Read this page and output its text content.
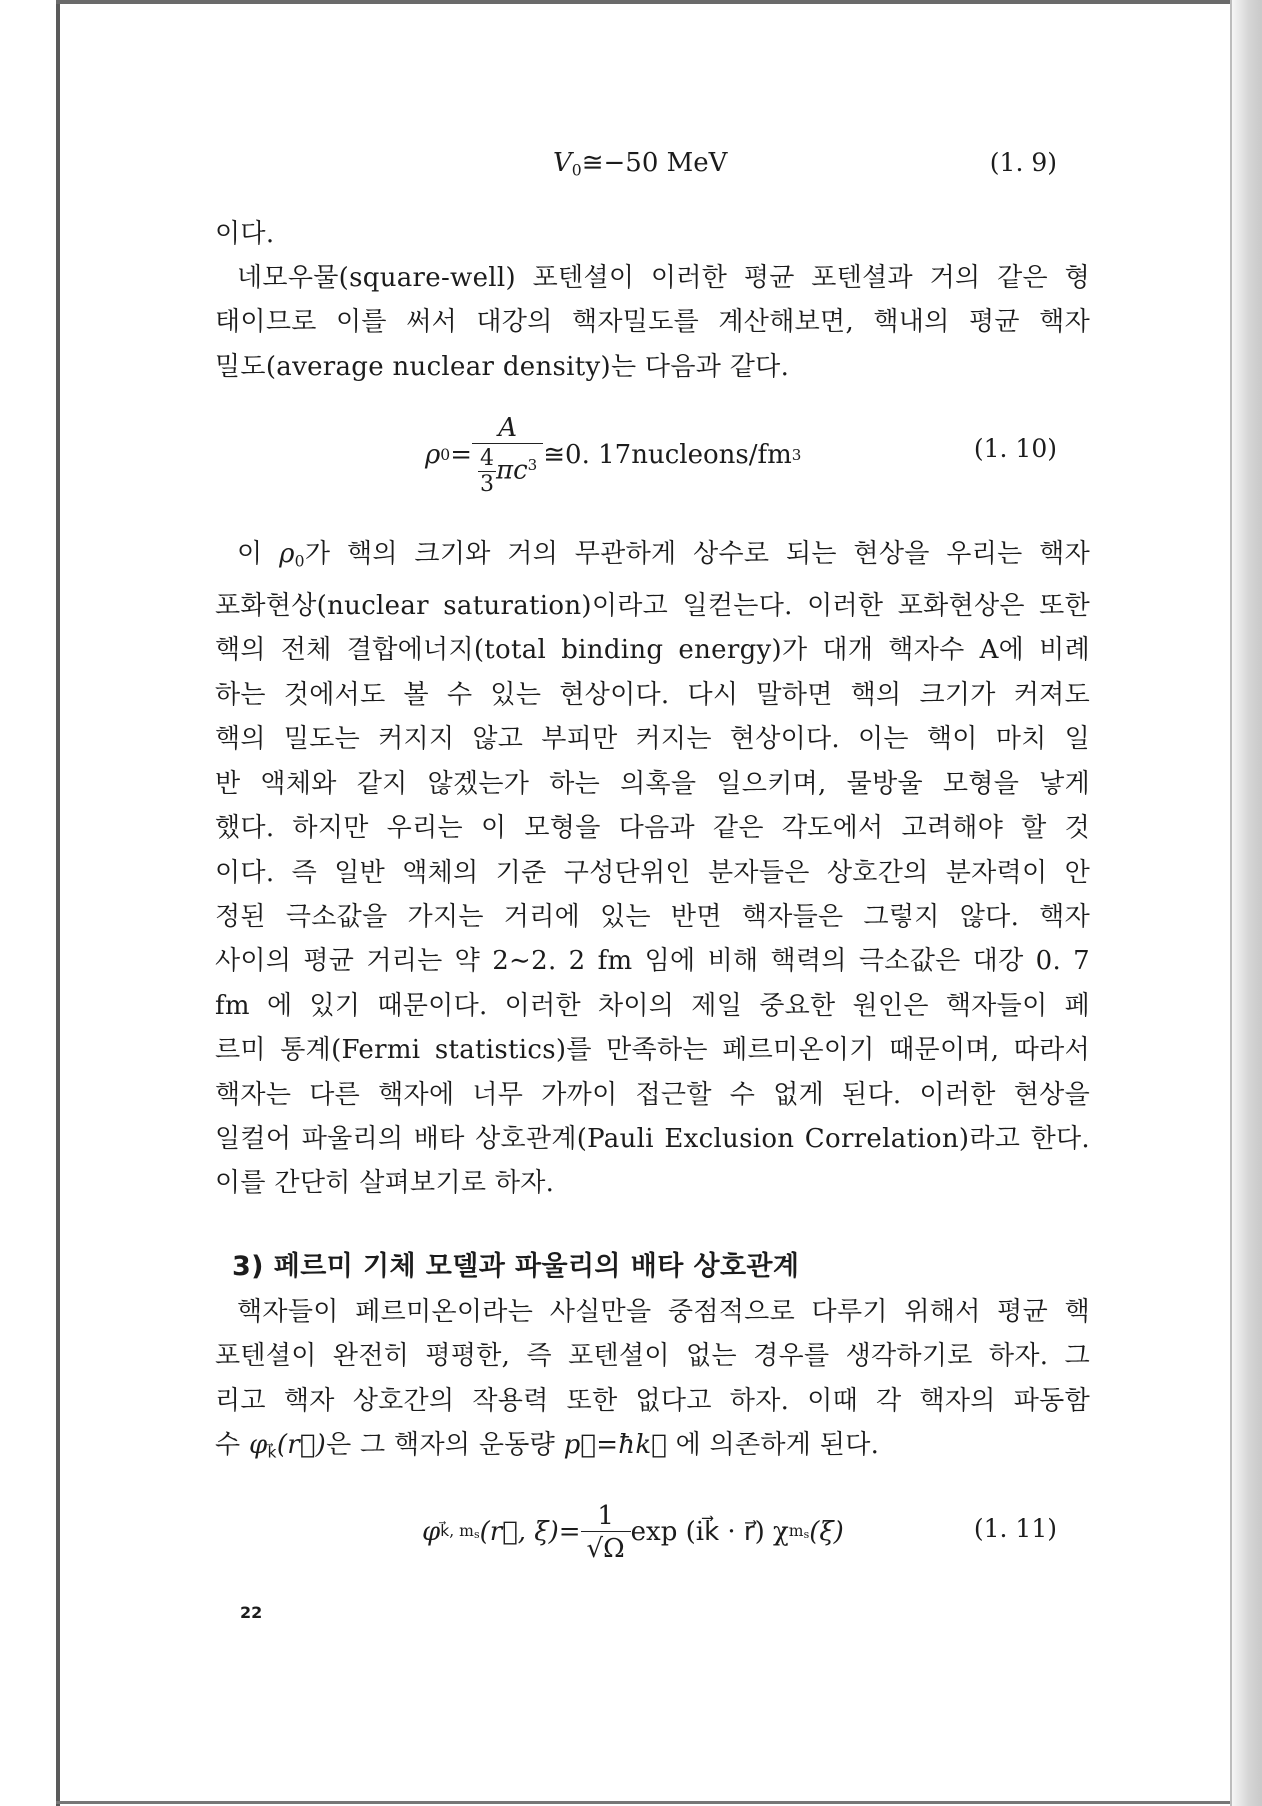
$V_0≅-50$ MeV	(1. 9)
이다.
네모우물(square-well) 포텐셜이 이러한 평균 포텐셜과 거의 같은 형
태이므로 이를 써서 대강의 핵자밀도를 계산해보면, 핵내의 평균 핵자
밀도(average nuclear density)는 다음과 같다.
ρ $0 = \frac{A}{\frac{4}{3} \pi c^3}$ ≅0. 17nucleons/fm 3	(1. 10)
이 $\rho_0$가 핵의 크기와 거의 무관하게 상수로 되는 현상을 우리는 핵자
포화현상(nuclear saturation)이라고 일컫는다. 이러한 포화현상은 또한
핵의 전체 결합에너지(total binding energy)가 대개 핵자수 A에 비례
하는 것에서도 볼 수 있는 현상이다. 다시 말하면 핵의 크기가 커져도
핵의 밀도는 커지지 않고 부피만 커지는 현상이다. 이는 핵이 마치 일
반 액체와 같지 않겠는가 하는 의혹을 일으키며, 물방울 모형을 낳게
했다. 하지만 우리는 이 모형을 다음과 같은 각도에서 고려해야 할 것
이다. 즉 일반 액체의 기준 구성단위인 분자들은 상호간의 분자력이 안
정된 극소값을 가지는 거리에 있는 반면 핵자들은 그렇지 않다. 핵자
사이의 평균 거리는 약 2∼2. 2 fm 임에 비해 핵력의 극소값은 대강 0. 7
fm 에 있기 때문이다. 이러한 차이의 제일 중요한 원인은 핵자들이 페
르미 통계(Fermi statistics)를 만족하는 페르미온이기 때문이며, 따라서
핵자는 다른 핵자에 너무 가까이 접근할 수 없게 된다. 이러한 현상을
일컬어 파울리의 배타 상호관계(Pauli Exclusion Correlation)라고 한다.
이를 간단히 살펴보기로 하자.
3) 페르미 기체 모델과 파울리의 배타 상호관계
핵자들이 페르미온이라는 사실만을 중점적으로 다루기 위해서 평균 핵
포텐셜이 완전히 평평한, 즉 포텐셜이 없는 경우를 생각하기로 하자. 그
리고 핵자 상호간의 작용력 또한 없다고 하자. 이때 각 핵자의 파동함
수 $\varphi_{k⃗}(r⃗)$은 그 핵자의 운동량 p⃗=ħk⃗ 에 의존하게 된다.
φ k⃗, ms (r⃗, $\xi) = \frac{1}{√\Omega}$ exp (ik⃗ · r⃗) χ ms (ξ)	(1. 11)
22
